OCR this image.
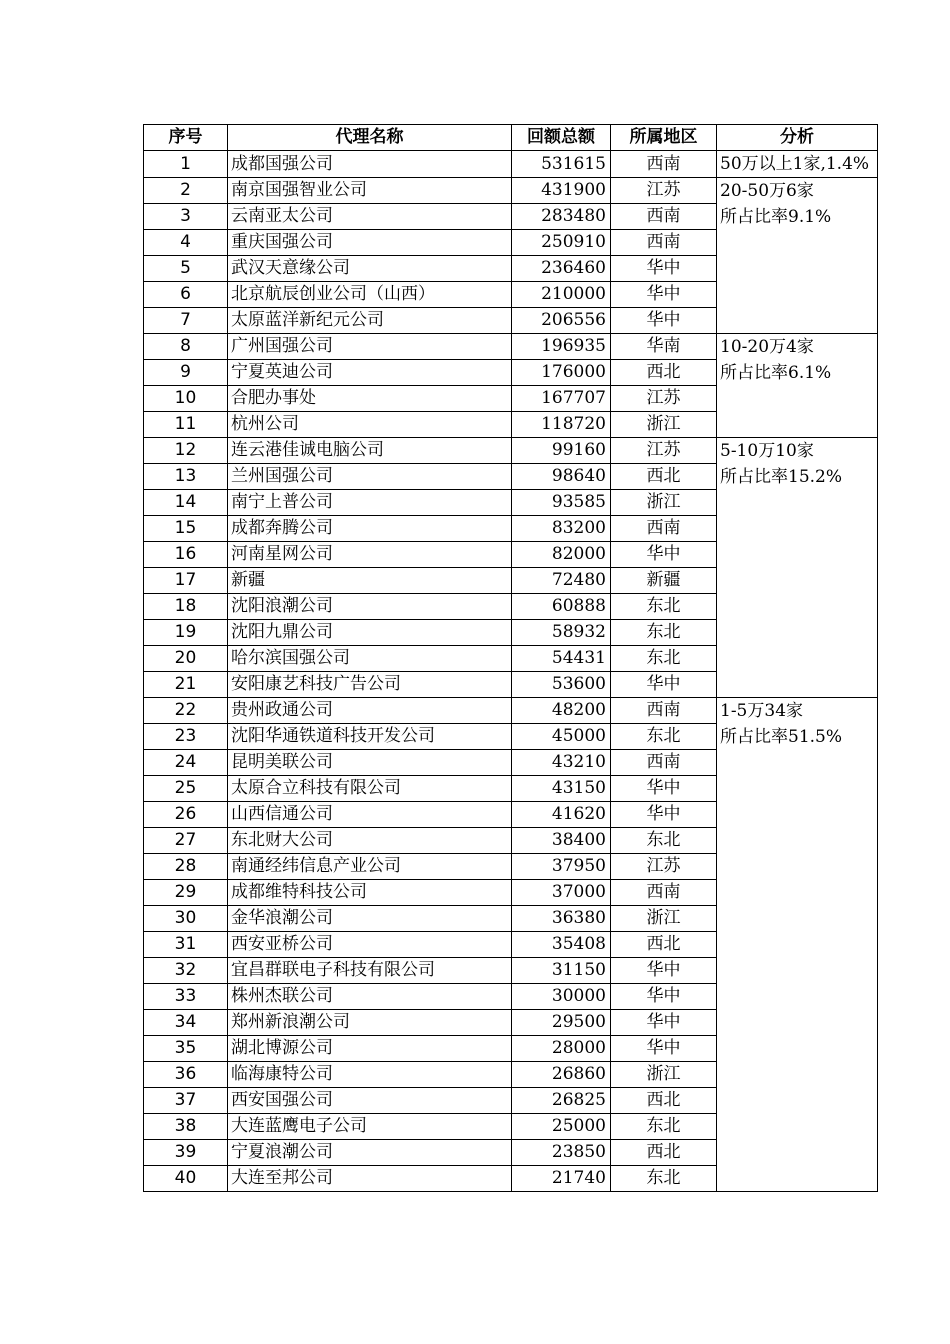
序号	代理名称	回额总额	所属地区	分析
1	成都国强公司	531615	西南	50万以上1家,1.4%

2	南京国强智业公司	431900	江苏	20-50万6家
所占比率9.1%

3	云南亚太公司	283480	西南	
4	重庆国强公司	250910	西南	
5	武汉天意缘公司	236460	华中	
6	北京航辰创业公司（山西）	210000	华中	
7	太原蓝洋新纪元公司	206556	华中	
8	广州国强公司	196935	华南	10-20万4家
所占比率6.1%

9	宁夏英迪公司	176000	西北	
10	合肥办事处	167707	江苏	
11	杭州公司	118720	浙江	
12	连云港佳诚电脑公司	99160	江苏	5-10万10家
所占比率15.2%

13	兰州国强公司	98640	西北	
14	南宁上普公司	93585	浙江	
15	成都奔腾公司	83200	西南	
16	河南星网公司	82000	华中	
17	新疆	72480	新疆	
18	沈阳浪潮公司	60888	东北	
19	沈阳九鼎公司	58932	东北	
20	哈尔滨国强公司	54431	东北	
21	安阳康艺科技广告公司	53600	华中	
22	贵州政通公司	48200	西南	1-5万34家
所占比率51.5%

23	沈阳华通铁道科技开发公司	45000	东北	
24	昆明美联公司	43210	西南	
25	太原合立科技有限公司	43150	华中	
26	山西信通公司	41620	华中	
27	东北财大公司	38400	东北	
28	南通经纬信息产业公司	37950	江苏	
29	成都维特科技公司	37000	西南	
30	金华浪潮公司	36380	浙江	
31	西安亚桥公司	35408	西北	
32	宜昌群联电子科技有限公司	31150	华中	
33	株州杰联公司	30000	华中	
34	郑州新浪潮公司	29500	华中	
35	湖北博源公司	28000	华中	
36	临海康特公司	26860	浙江	
37	西安国强公司	26825	西北	
38	大连蓝鹰电子公司	25000	东北	
39	宁夏浪潮公司	23850	西北	
40	大连至邦公司	21740	东北	
